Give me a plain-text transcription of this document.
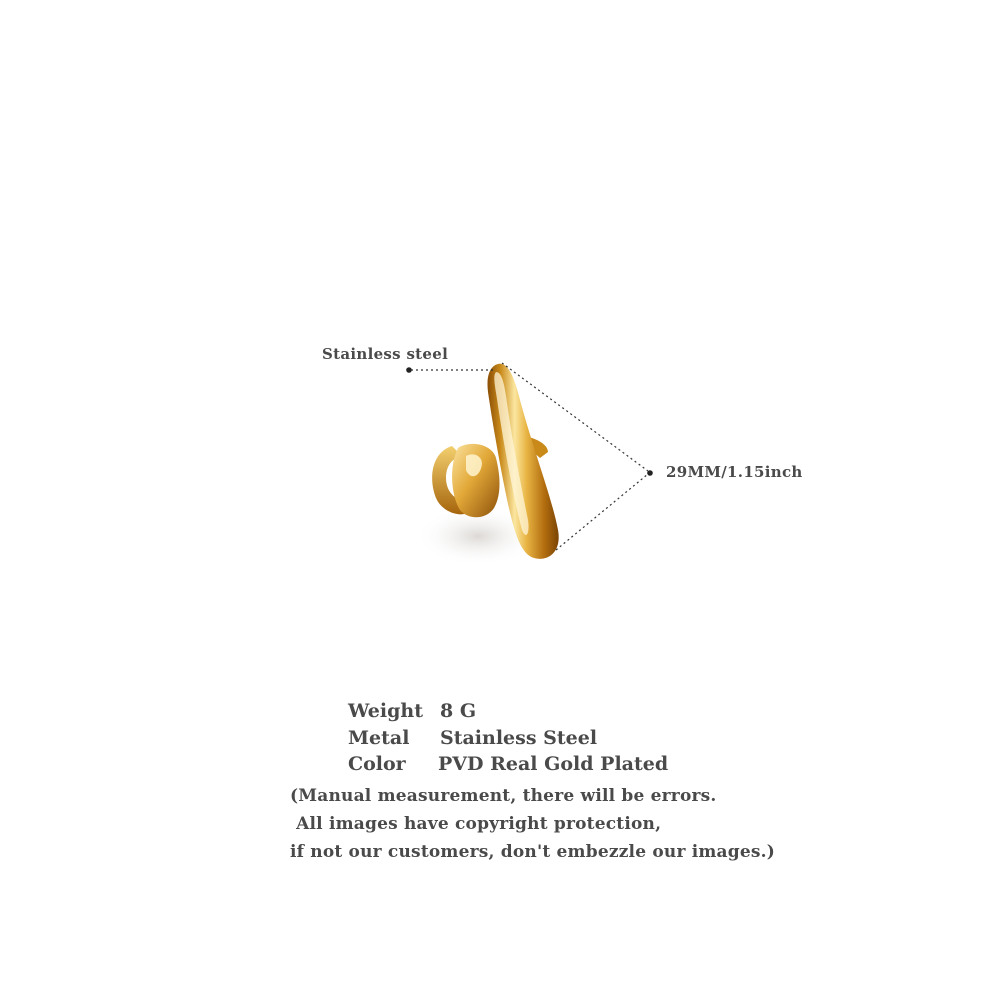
Stainless steel
29MM/1.15inch
Weight 8 G
Metal Stainless Steel
Color PVD Real Gold Plated
(Manual measurement, there will be errors.
All images have copyright protection,
if not our customers, don't embezzle our images.)
